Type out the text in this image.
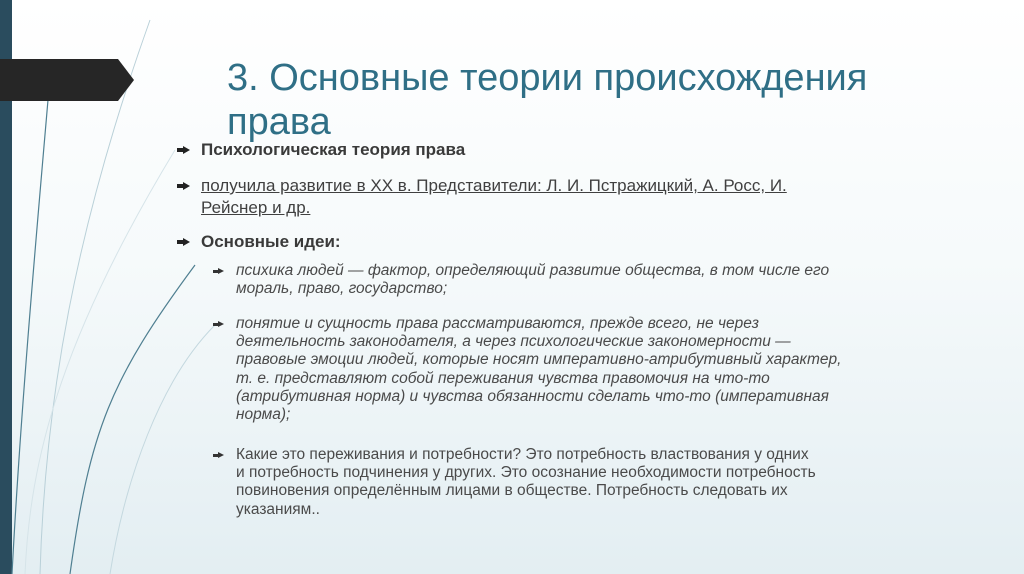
3. Основные теории происхождения права
Психологическая теория права
получила развитие в XX в. Представители: Л. И. Пстражицкий, А. Росс, И. Рейснер и др.
Основные идеи:
психика людей — фактор, определяющий развитие общества, в том числе его мораль, право, государство;
понятие и сущность права рассматриваются, прежде всего, не через деятельность законодателя, а через психологические закономерности — правовые эмоции людей, которые носят императивно-атрибутивный характер, т. е. представляют собой переживания чувства правомочия на что-то (атрибутивная норма) и чувства обязанности сделать что-то (императивная норма);
Какие это переживания и потребности? Это потребность властвования у одних и потребность подчинения у других. Это осознание необходимости потребность повиновения определённым лицами в обществе. Потребность следовать их указаниям..
